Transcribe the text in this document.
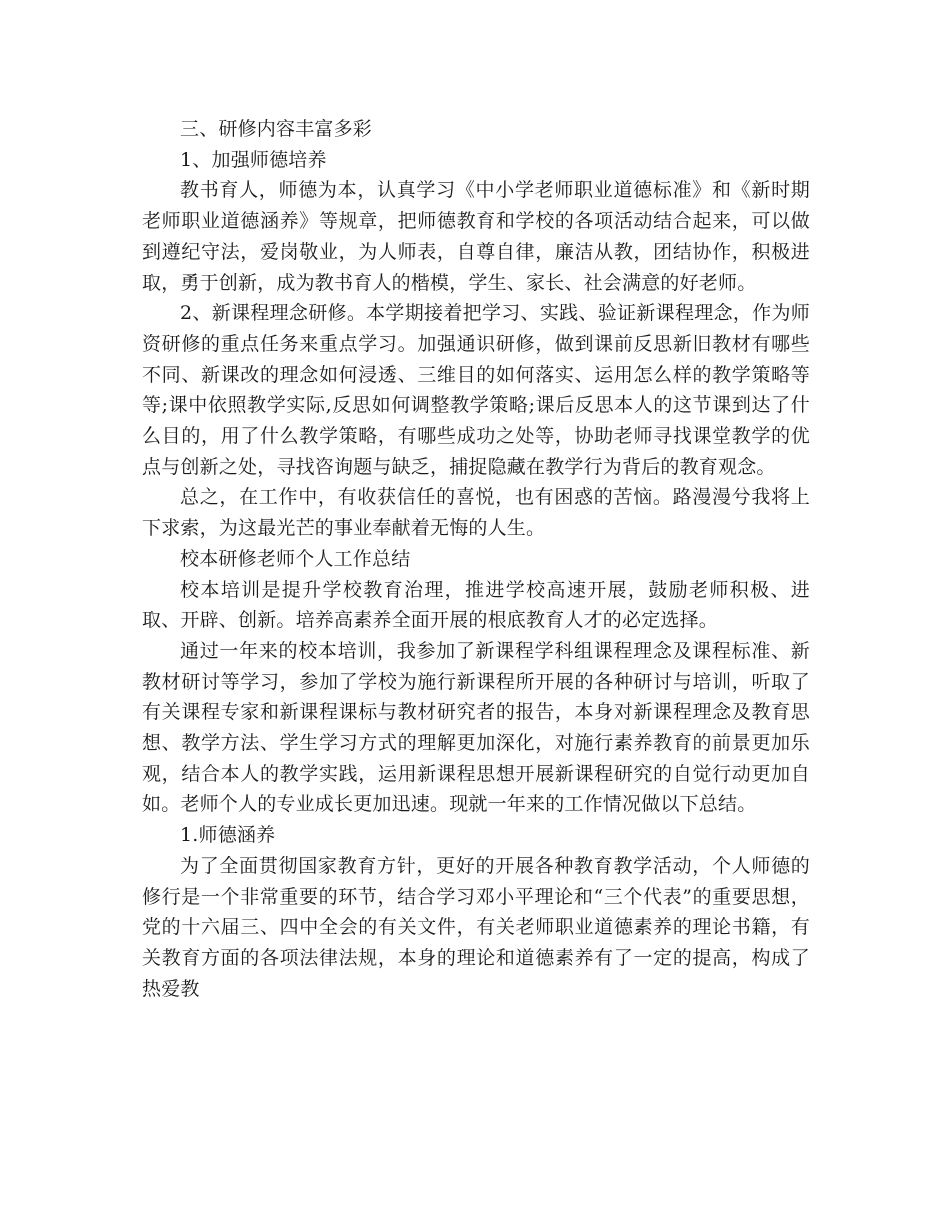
三、研修内容丰富多彩

1、加强师德培养

教书育人，师德为本，认真学习《中小学老师职业道德标准》和《新时期老师职业道德涵养》等规章，把师德教育和学校的各项活动结合起来，可以做到遵纪守法，爱岗敬业，为人师表，自尊自律，廉洁从教，团结协作，积极进取，勇于创新，成为教书育人的楷模，学生、家长、社会满意的好老师。

2、新课程理念研修。本学期接着把学习、实践、验证新课程理念，作为师资研修的重点任务来重点学习。加强通识研修，做到课前反思新旧教材有哪些不同、新课改的理念如何浸透、三维目的如何落实、运用怎么样的教学策略等等;课中依照教学实际,反思如何调整教学策略;课后反思本人的这节课到达了什么目的，用了什么教学策略，有哪些成功之处等，协助老师寻找课堂教学的优点与创新之处，寻找咨询题与缺乏，捕捉隐藏在教学行为背后的教育观念。

总之，在工作中，有收获信任的喜悦，也有困惑的苦恼。路漫漫兮我将上下求索，为这最光芒的事业奉献着无悔的人生。

校本研修老师个人工作总结

校本培训是提升学校教育治理，推进学校高速开展，鼓励老师积极、进取、开辟、创新。培养高素养全面开展的根底教育人才的必定选择。

通过一年来的校本培训，我参加了新课程学科组课程理念及课程标准、新教材研讨等学习，参加了学校为施行新课程所开展的各种研讨与培训，听取了有关课程专家和新课程课标与教材研究者的报告，本身对新课程理念及教育思想、教学方法、学生学习方式的理解更加深化，对施行素养教育的前景更加乐观，结合本人的教学实践，运用新课程思想开展新课程研究的自觉行动更加自如。老师个人的专业成长更加迅速。现就一年来的工作情况做以下总结。

1.师德涵养

为了全面贯彻国家教育方针，更好的开展各种教育教学活动，个人师德的修行是一个非常重要的环节，结合学习邓小平理论和“三个代表”的重要思想，党的十六届三、四中全会的有关文件，有关老师职业道德素养的理论书籍，有关教育方面的各项法律法规，本身的理论和道德素养有了一定的提高，构成了热爱教
